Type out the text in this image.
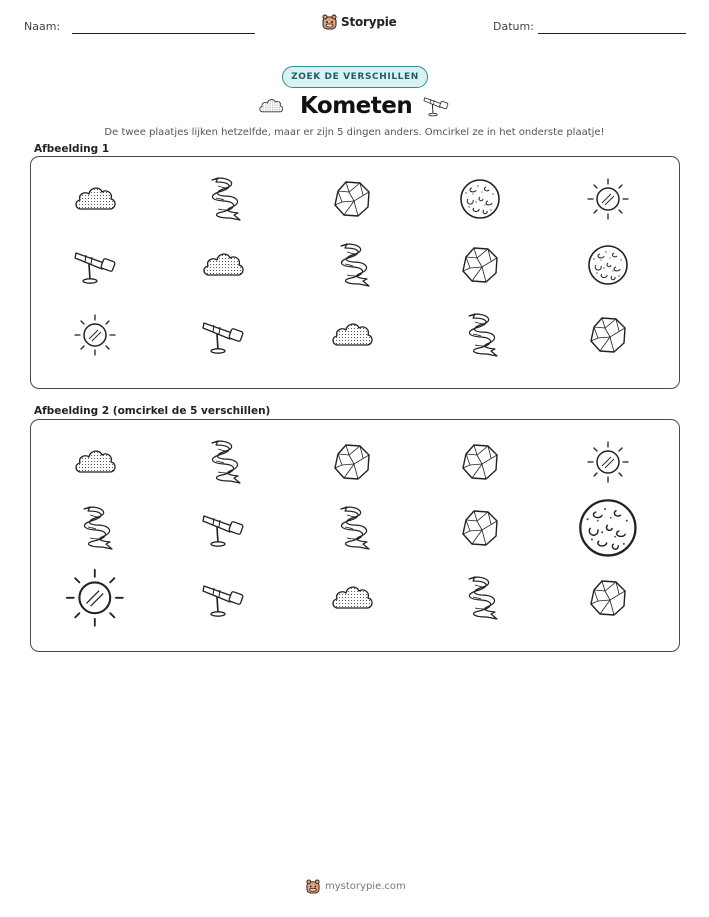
Naam:	Storypie	Datum:
ZOEK DE VERSCHILLEN
Kometen
De twee plaatjes lijken hetzelfde, maar er zijn 5 dingen anders. Omcirkel ze in het onderste plaatje!
Afbeelding 1
Afbeelding 2 (omcirkel de 5 verschillen)
mystorypie.com
